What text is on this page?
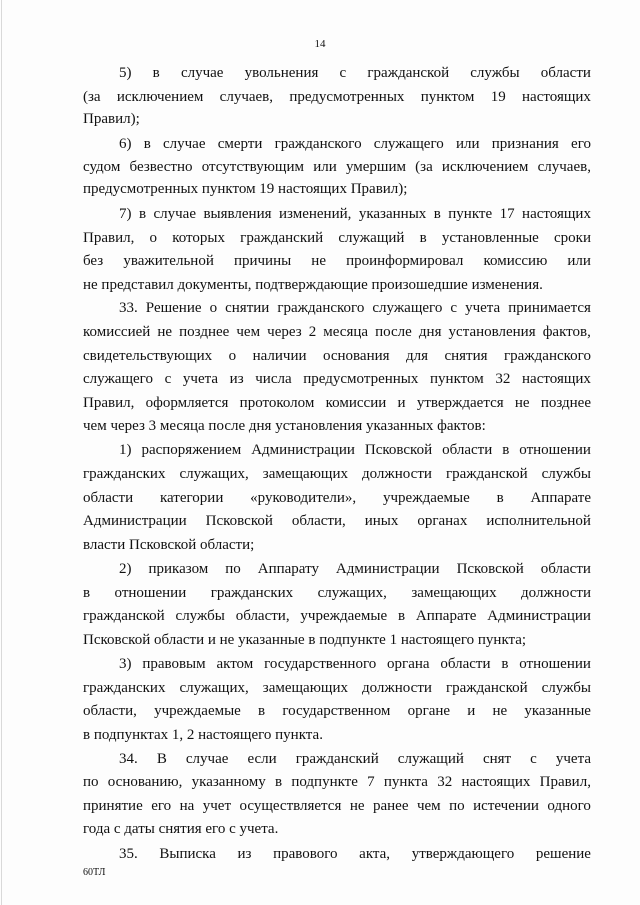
14
5) в случае увольнения с гражданской службы области
(за исключением случаев, предусмотренных пунктом 19 настоящих
Правил);
6) в случае смерти гражданского служащего или признания его
судом безвестно отсутствующим или умершим (за исключением случаев,
предусмотренных пунктом 19 настоящих Правил);
7) в случае выявления изменений, указанных в пункте 17 настоящих
Правил, о которых гражданский служащий в установленные сроки
без уважительной причины не проинформировал комиссию или
не представил документы, подтверждающие произошедшие изменения.
33. Решение о снятии гражданского служащего с учета принимается
комиссией не позднее чем через 2 месяца после дня установления фактов,
свидетельствующих о наличии основания для снятия гражданского
служащего с учета из числа предусмотренных пунктом 32 настоящих
Правил, оформляется протоколом комиссии и утверждается не позднее
чем через 3 месяца после дня установления указанных фактов:
1) распоряжением Администрации Псковской области в отношении
гражданских служащих, замещающих должности гражданской службы
области категории «руководители», учреждаемые в Аппарате
Администрации Псковской области, иных органах исполнительной
власти Псковской области;
2) приказом по Аппарату Администрации Псковской области
в отношении гражданских служащих, замещающих должности
гражданской службы области, учреждаемые в Аппарате Администрации
Псковской области и не указанные в подпункте 1 настоящего пункта;
3) правовым актом государственного органа области в отношении
гражданских служащих, замещающих должности гражданской службы
области, учреждаемые в государственном органе и не указанные
в подпунктах 1, 2 настоящего пункта.
34. В случае если гражданский служащий снят с учета
по основанию, указанному в подпункте 7 пункта 32 настоящих Правил,
принятие его на учет осуществляется не ранее чем по истечении одного
года с даты снятия его с учета.
35. Выписка из правового акта, утверждающего решение
60ТЛ
